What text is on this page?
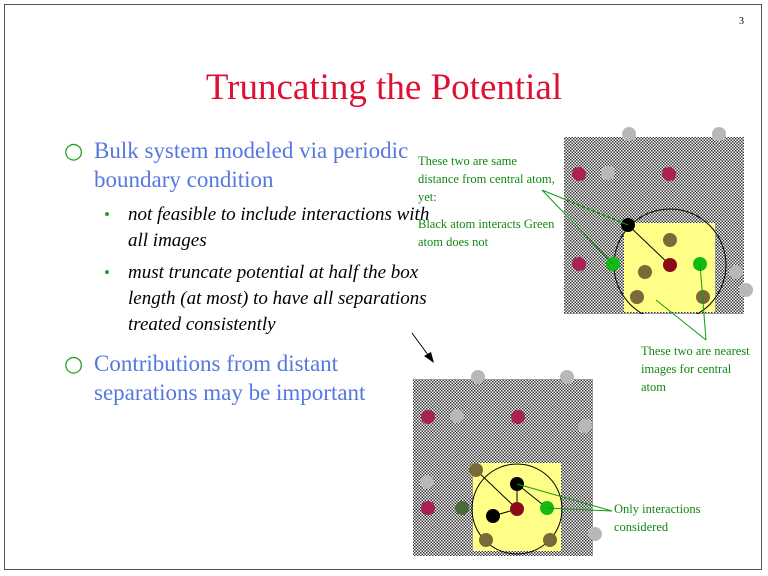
3
Truncating the Potential
○ Bulk system modeled via periodic boundary condition
• not feasible to include interactions with all images
• must truncate potential at half the box length (at most) to have all separations treated consistently
○ Contributions from distant separations may be important
These two are same distance from central atom, yet:
Black atom interacts Green atom does not
These two are nearest images for central atom
Only interactions considered
